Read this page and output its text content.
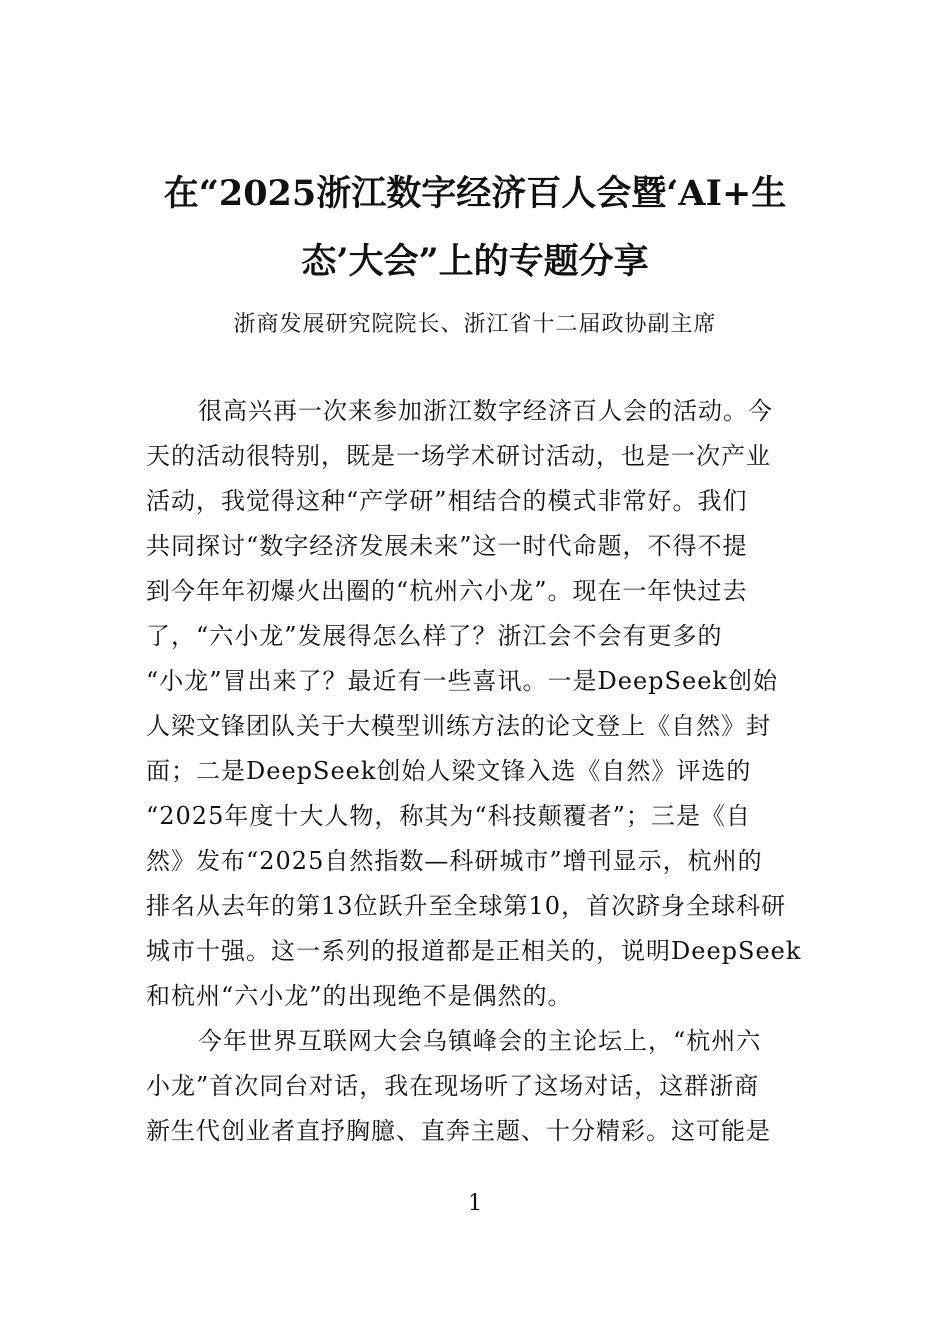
在“2025浙江数字经济百人会暨‘AI+生
态’大会”上的专题分享

浙商发展研究院院长、浙江省十二届政协副主席

很高兴再一次来参加浙江数字经济百人会的活动。今

天的活动很特别，既是一场学术研讨活动，也是一次产业

活动，我觉得这种“产学研”相结合的模式非常好。我们

共同探讨“数字经济发展未来”这一时代命题，不得不提

到今年年初爆火出圈的“杭州六小龙”。现在一年快过去

了，“六小龙”发展得怎么样了？浙江会不会有更多的

“小龙”冒出来了？最近有一些喜讯。一是DeepSeek创始

人梁文锋团队关于大模型训练方法的论文登上《自然》封

面；二是DeepSeek创始人梁文锋入选《自然》评选的

“2025年度十大人物，称其为“科技颠覆者”；三是《自

然》发布“2025自然指数—科研城市”增刊显示，杭州的

排名从去年的第13位跃升至全球第10，首次跻身全球科研

城市十强。这一系列的报道都是正相关的，说明DeepSeek

和杭州“六小龙”的出现绝不是偶然的。

今年世界互联网大会乌镇峰会的主论坛上，“杭州六

小龙”首次同台对话，我在现场听了这场对话，这群浙商

新生代创业者直抒胸臆、直奔主题、十分精彩。这可能是

1
